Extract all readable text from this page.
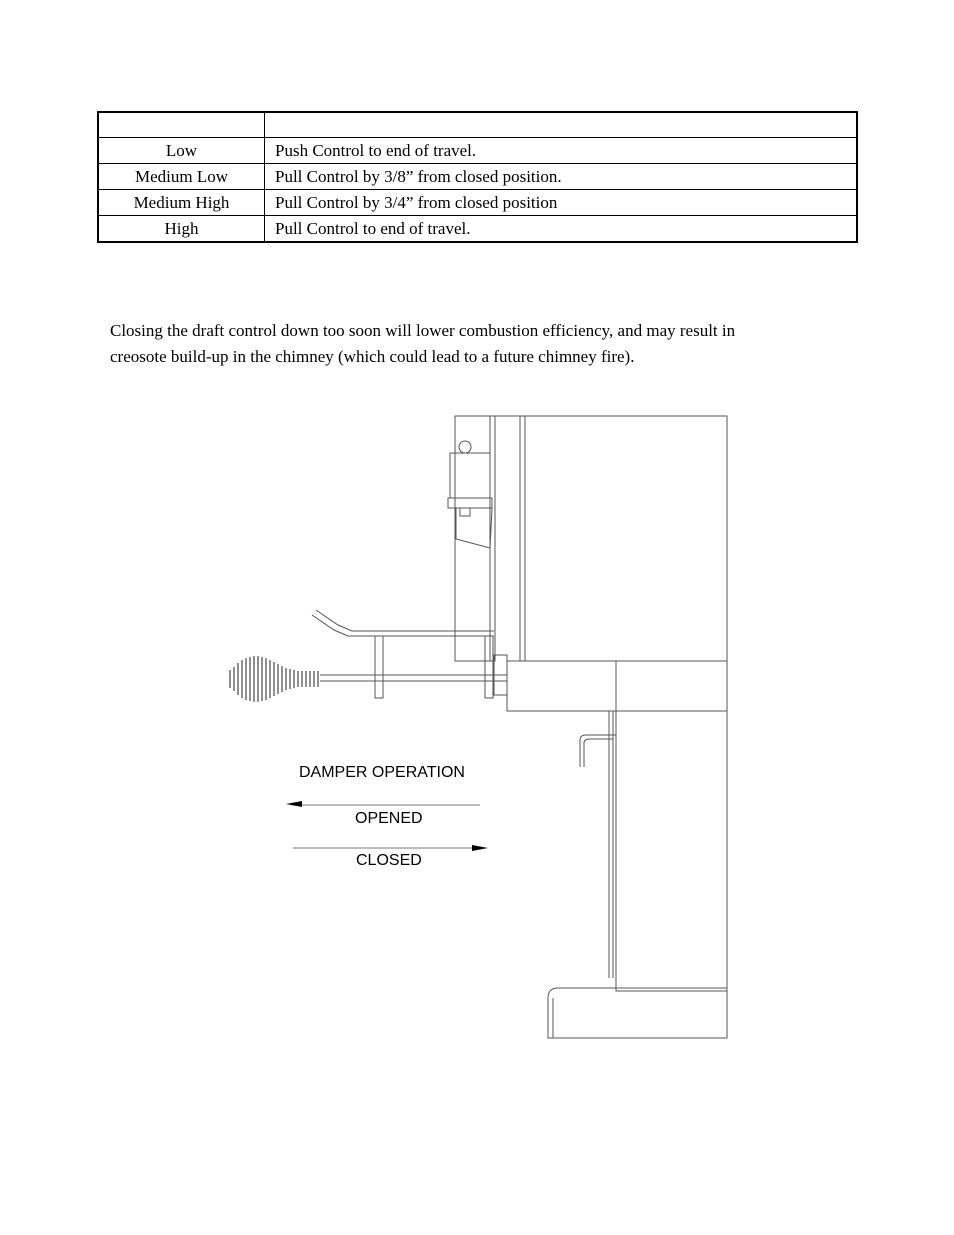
Low	Push Control to end of travel.
Medium Low	Pull Control by 3/8” from closed position.
Medium High	Pull Control by 3/4” from closed position
High	Pull Control to end of travel.

Closing the draft control down too soon will lower combustion efficiency, and may result in

creosote build-up in the chimney (which could lead to a future chimney fire).

DAMPER OPERATION
OPENED
CLOSED
